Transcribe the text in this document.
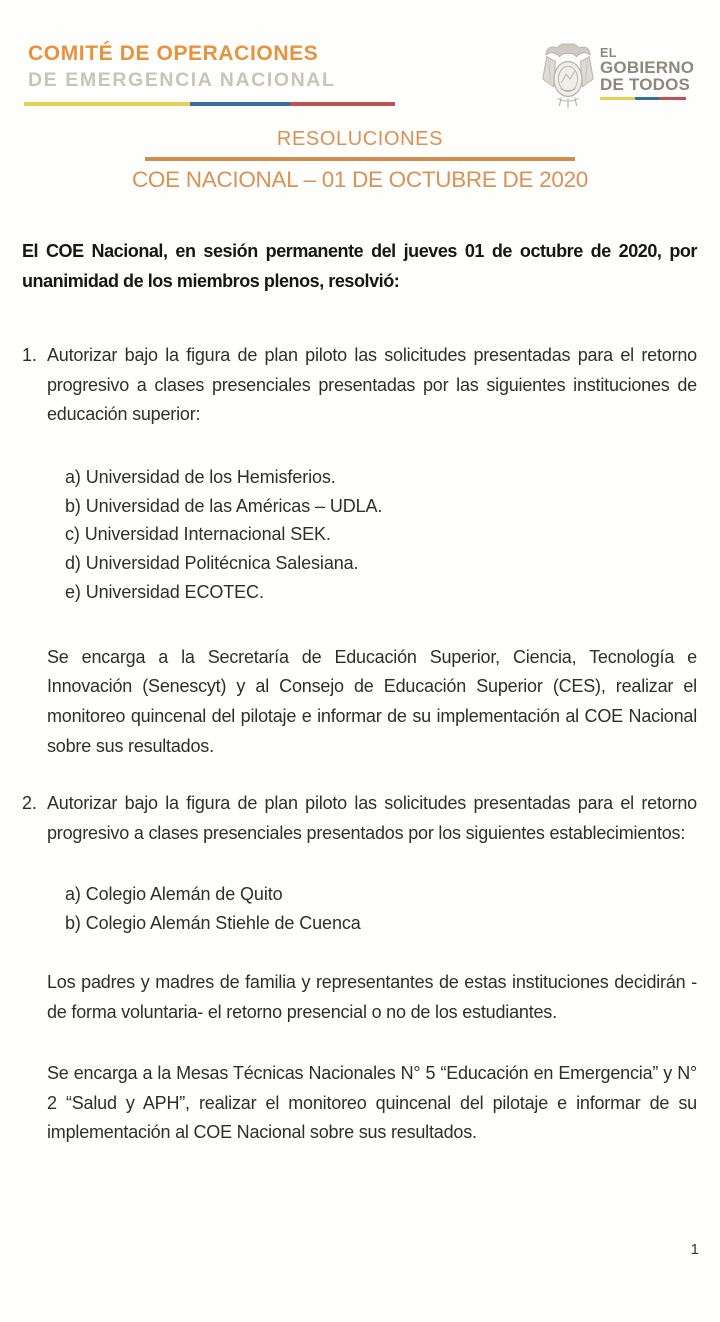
COMITÉ DE OPERACIONES
DE EMERGENCIA NACIONAL
EL
GOBIERNO
DE TODOS
RESOLUCIONES
COE NACIONAL – 01 DE OCTUBRE DE 2020

El COE Nacional, en sesión permanente del jueves 01 de octubre de 2020, por unanimidad de los miembros plenos, resolvió:

1. Autorizar bajo la figura de plan piloto las solicitudes presentadas para el retorno progresivo a clases presenciales presentadas por las siguientes instituciones de educación superior:

a) Universidad de los Hemisferios.
b) Universidad de las Américas – UDLA.
c) Universidad Internacional SEK.
d) Universidad Politécnica Salesiana.
e) Universidad ECOTEC.

Se encarga a la Secretaría de Educación Superior, Ciencia, Tecnología e Innovación (Senescyt) y al Consejo de Educación Superior (CES), realizar el monitoreo quincenal del pilotaje e informar de su implementación al COE Nacional sobre sus resultados.

2. Autorizar bajo la figura de plan piloto las solicitudes presentadas para el retorno progresivo a clases presenciales presentados por los siguientes establecimientos:

a) Colegio Alemán de Quito
b) Colegio Alemán Stiehle de Cuenca

Los padres y madres de familia y representantes de estas instituciones decidirán -de forma voluntaria- el retorno presencial o no de los estudiantes.

Se encarga a la Mesas Técnicas Nacionales N° 5 “Educación en Emergencia” y N° 2 “Salud y APH”, realizar el monitoreo quincenal del pilotaje e informar de su implementación al COE Nacional sobre sus resultados.

1
